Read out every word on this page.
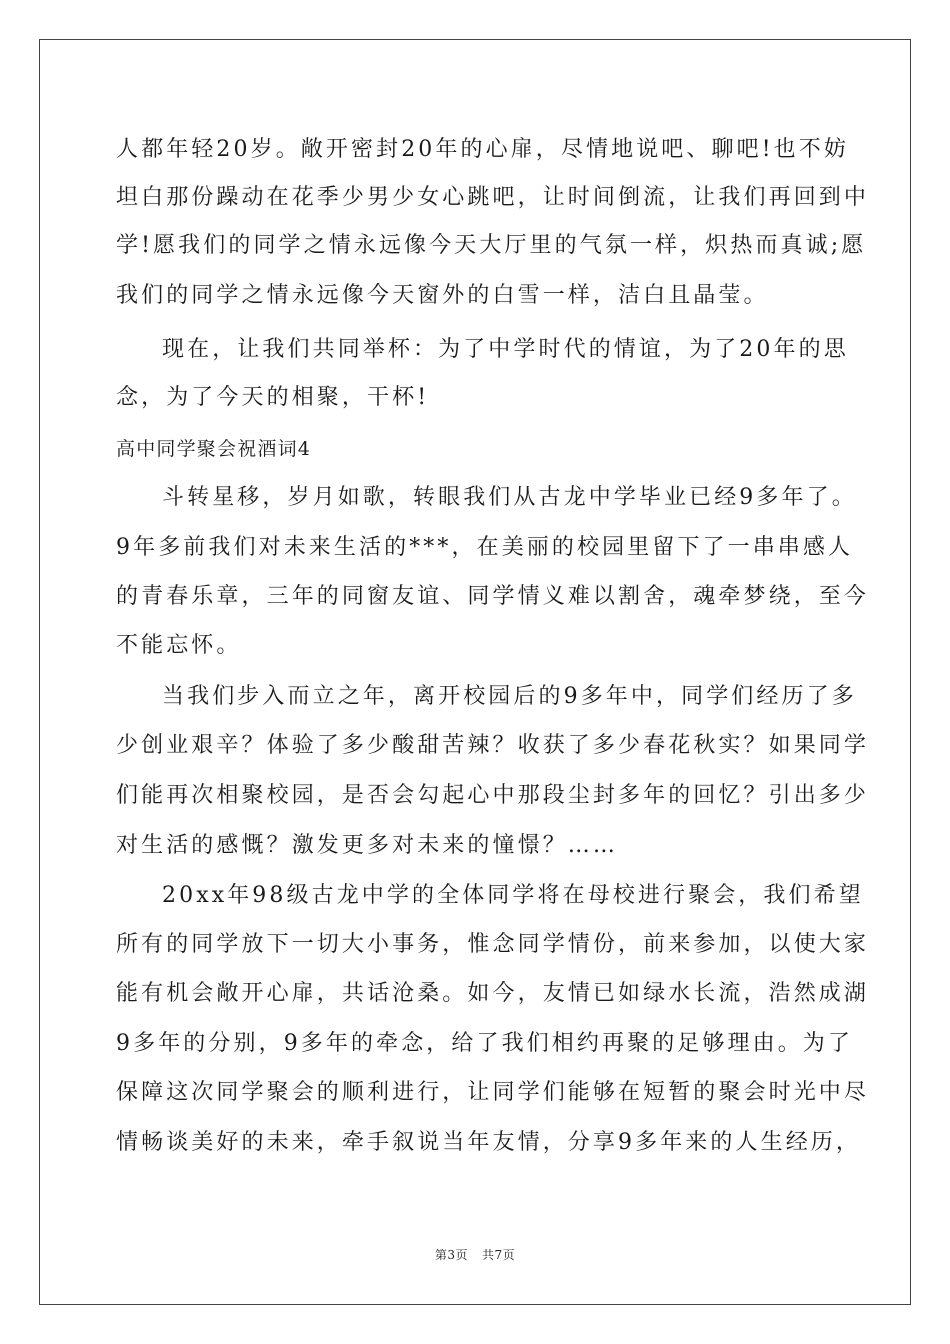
人都年轻20岁。敞开密封20年的心扉，尽情地说吧、聊吧!也不妨
坦白那份躁动在花季少男少女心跳吧，让时间倒流，让我们再回到中
学!愿我们的同学之情永远像今天大厅里的气氛一样，炽热而真诚;愿
我们的同学之情永远像今天窗外的白雪一样，洁白且晶莹。
现在，让我们共同举杯：为了中学时代的情谊，为了20年的思
念，为了今天的相聚，干杯!
高中同学聚会祝酒词4
斗转星移，岁月如歌，转眼我们从古龙中学毕业已经9多年了。
9年多前我们对未来生活的***，在美丽的校园里留下了一串串感人
的青春乐章，三年的同窗友谊、同学情义难以割舍，魂牵梦绕，至今
不能忘怀。
当我们步入而立之年，离开校园后的9多年中，同学们经历了多
少创业艰辛？体验了多少酸甜苦辣？收获了多少春花秋实？如果同学
们能再次相聚校园，是否会勾起心中那段尘封多年的回忆？引出多少
对生活的感慨？激发更多对未来的憧憬？……
20xx年98级古龙中学的全体同学将在母校进行聚会，我们希望
所有的同学放下一切大小事务，惟念同学情份，前来参加，以使大家
能有机会敞开心扉，共话沧桑。如今，友情已如绿水长流，浩然成湖
9多年的分别，9多年的牵念，给了我们相约再聚的足够理由。为了
保障这次同学聚会的顺利进行，让同学们能够在短暂的聚会时光中尽
情畅谈美好的未来，牵手叙说当年友情，分享9多年来的人生经历，
第3页 共7页
